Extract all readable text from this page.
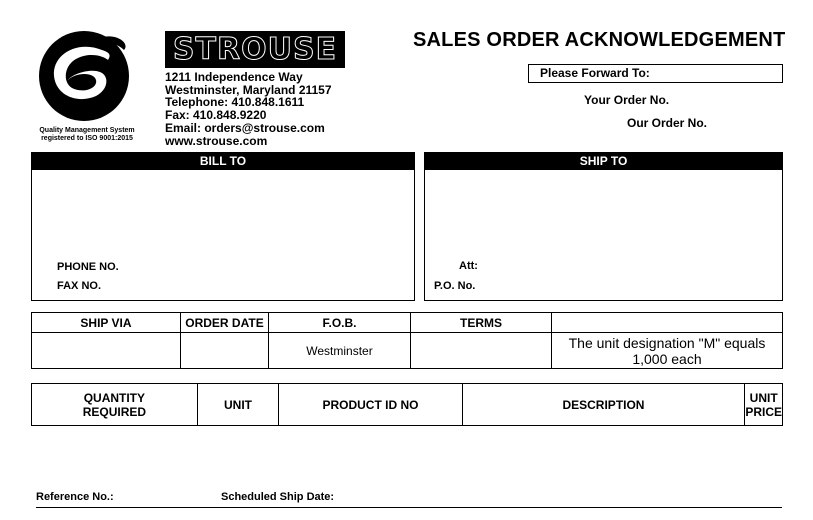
Quality Management System
registered to ISO 9001:2015
STROUSE
1211 Independence Way
Westminster, Maryland 21157
Telephone: 410.848.1611
Fax: 410.848.9220
Email: orders@strouse.com
www.strouse.com
SALES ORDER ACKNOWLEDGEMENT
Please Forward To:
Your Order No.
Our Order No.
BILL TO
PHONE NO.
FAX NO.
SHIP TO
Att:
P.O. No.
SHIP VIA	ORDER DATE	F.O.B.	TERMS	
		Westminster		The unit designation "M" equals 1,000 each
QUANTITY REQUIRED	UNIT	PRODUCT ID NO	DESCRIPTION	UNIT PRICE
Reference No.:	Scheduled Ship Date:
